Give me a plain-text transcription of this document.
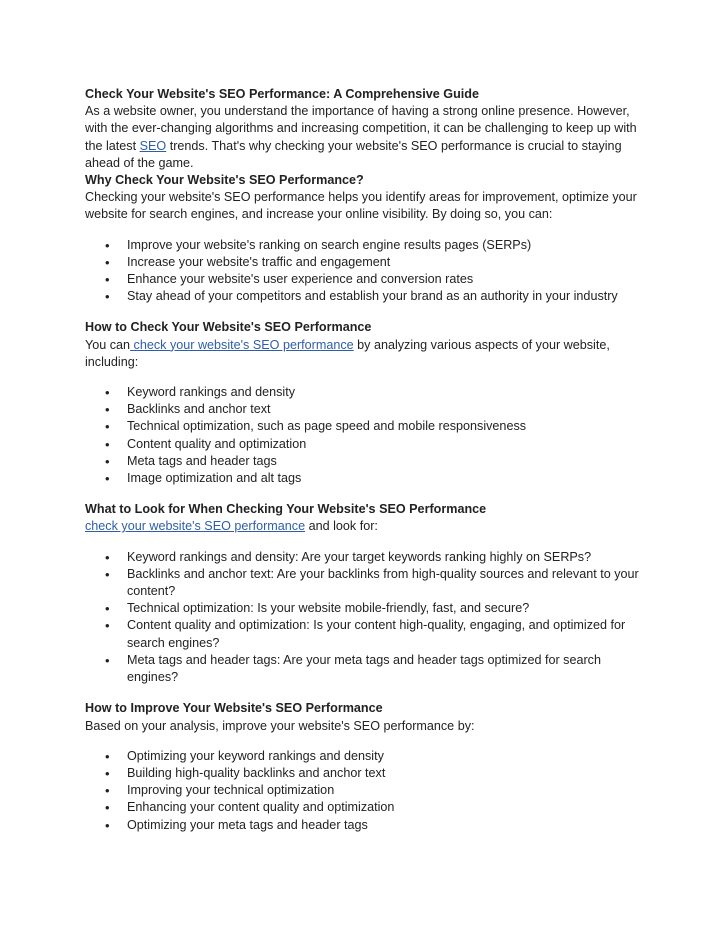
Check Your Website's SEO Performance: A Comprehensive Guide

As a website owner, you understand the importance of having a strong online presence. However, with the ever-changing algorithms and increasing competition, it can be challenging to keep up with the latest SEO trends. That's why checking your website's SEO performance is crucial to staying ahead of the game.

Why Check Your Website's SEO Performance?

Checking your website's SEO performance helps you identify areas for improvement, optimize your website for search engines, and increase your online visibility. By doing so, you can:

• Improve your website's ranking on search engine results pages (SERPs)
• Increase your website's traffic and engagement
• Enhance your website's user experience and conversion rates
• Stay ahead of your competitors and establish your brand as an authority in your industry
How to Check Your Website's SEO Performance

You can check your website's SEO performance by analyzing various aspects of your website, including:

• Keyword rankings and density
• Backlinks and anchor text
• Technical optimization, such as page speed and mobile responsiveness
• Content quality and optimization
• Meta tags and header tags
• Image optimization and alt tags
What to Look for When Checking Your Website's SEO Performance

check your website's SEO performance and look for:

• Keyword rankings and density: Are your target keywords ranking highly on SERPs?
• Backlinks and anchor text: Are your backlinks from high-quality sources and relevant to your content?
• Technical optimization: Is your website mobile-friendly, fast, and secure?
• Content quality and optimization: Is your content high-quality, engaging, and optimized for search engines?
• Meta tags and header tags: Are your meta tags and header tags optimized for search engines?
How to Improve Your Website's SEO Performance

Based on your analysis, improve your website's SEO performance by:

• Optimizing your keyword rankings and density
• Building high-quality backlinks and anchor text
• Improving your technical optimization
• Enhancing your content quality and optimization
• Optimizing your meta tags and header tags
